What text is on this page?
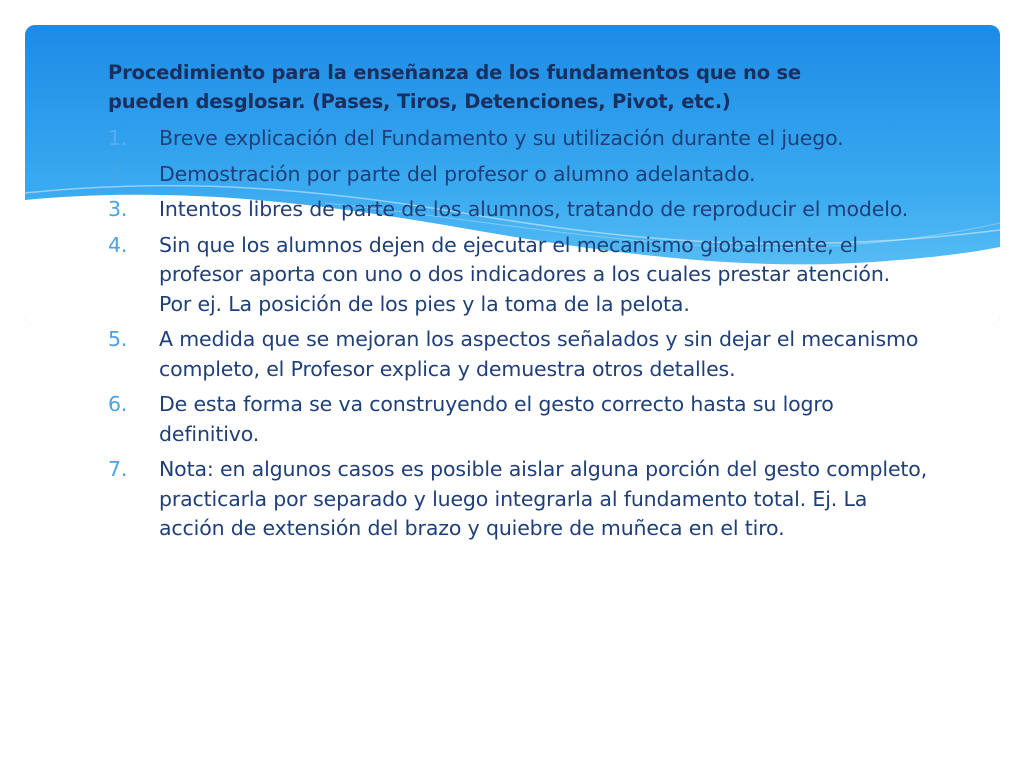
Procedimiento para la enseñanza de los fundamentos que no se
pueden desglosar. (Pases, Tiros, Detenciones, Pivot, etc.)
1. Breve explicación del Fundamento y su utilización durante el juego.
2. Demostración por parte del profesor o alumno adelantado.
3. Intentos libres de parte de los alumnos, tratando de reproducir el modelo.
4. Sin que los alumnos dejen de ejecutar el mecanismo globalmente, el profesor aporta con uno o dos indicadores a los cuales prestar atención. Por ej. La posición de los pies y la toma de la pelota.
5. A medida que se mejoran los aspectos señalados y sin dejar el mecanismo completo, el Profesor explica y demuestra otros detalles.
6. De esta forma se va construyendo el gesto correcto hasta su logro definitivo.
7. Nota: en algunos casos es posible aislar alguna porción del gesto completo, practicarla por separado y luego integrarla al fundamento total. Ej. La acción de extensión del brazo y quiebre de muñeca en el tiro.
